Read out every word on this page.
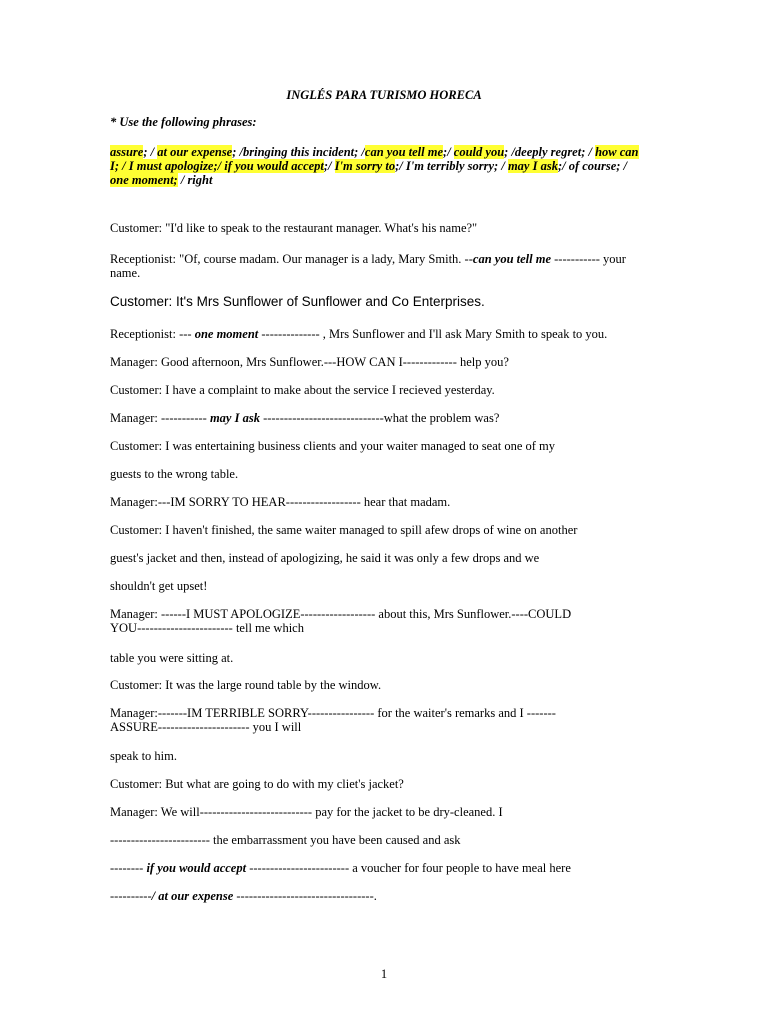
INGLÉS PARA TURISMO HORECA
* Use the following phrases:
assure; / at our expense; /bringing this incident; /can you tell me;/ could you; /deeply regret; / how can
I; / I must apologize;/ if you would accept;/ I'm sorry to;/ I'm terribly sorry; / may I ask;/ of course; /
one moment; / right
Customer: "I'd like to speak to the restaurant manager. What's his name?"
Receptionist: "Of, course madam. Our manager is a lady, Mary Smith. --can you tell me ----------- your
name.
Customer: It's Mrs Sunflower of Sunflower and Co Enterprises.
Receptionist: --- one moment -------------- , Mrs Sunflower and I'll ask Mary Smith to speak to you.
Manager: Good afternoon, Mrs Sunflower.---HOW CAN I------------- help you?
Customer: I have a complaint to make about the service I recieved yesterday.
Manager: ----------- may I ask -----------------------------what the problem was?
Customer: I was entertaining business clients and your waiter managed to seat one of my
guests to the wrong table.
Manager:---IM SORRY TO HEAR------------------ hear that madam.
Customer: I haven't finished, the same waiter managed to spill afew drops of wine on another
guest's jacket and then, instead of apologizing, he said it was only a few drops and we
shouldn't get upset!
Manager: ------I MUST APOLOGIZE------------------ about this, Mrs Sunflower.----COULD
YOU----------------------- tell me which
table you were sitting at.
Customer: It was the large round table by the window.
Manager:-------IM TERRIBLE SORRY---------------- for the waiter's remarks and I -------
ASSURE---------------------- you I will
speak to him.
Customer: But what are going to do with my cliet's jacket?
Manager: We will--------------------------- pay for the jacket to be dry-cleaned. I
------------------------ the embarrassment you have been caused and ask
-------- if you would accept ------------------------ a voucher for four people to have meal here
----------/ at our expense ---------------------------------.
1
